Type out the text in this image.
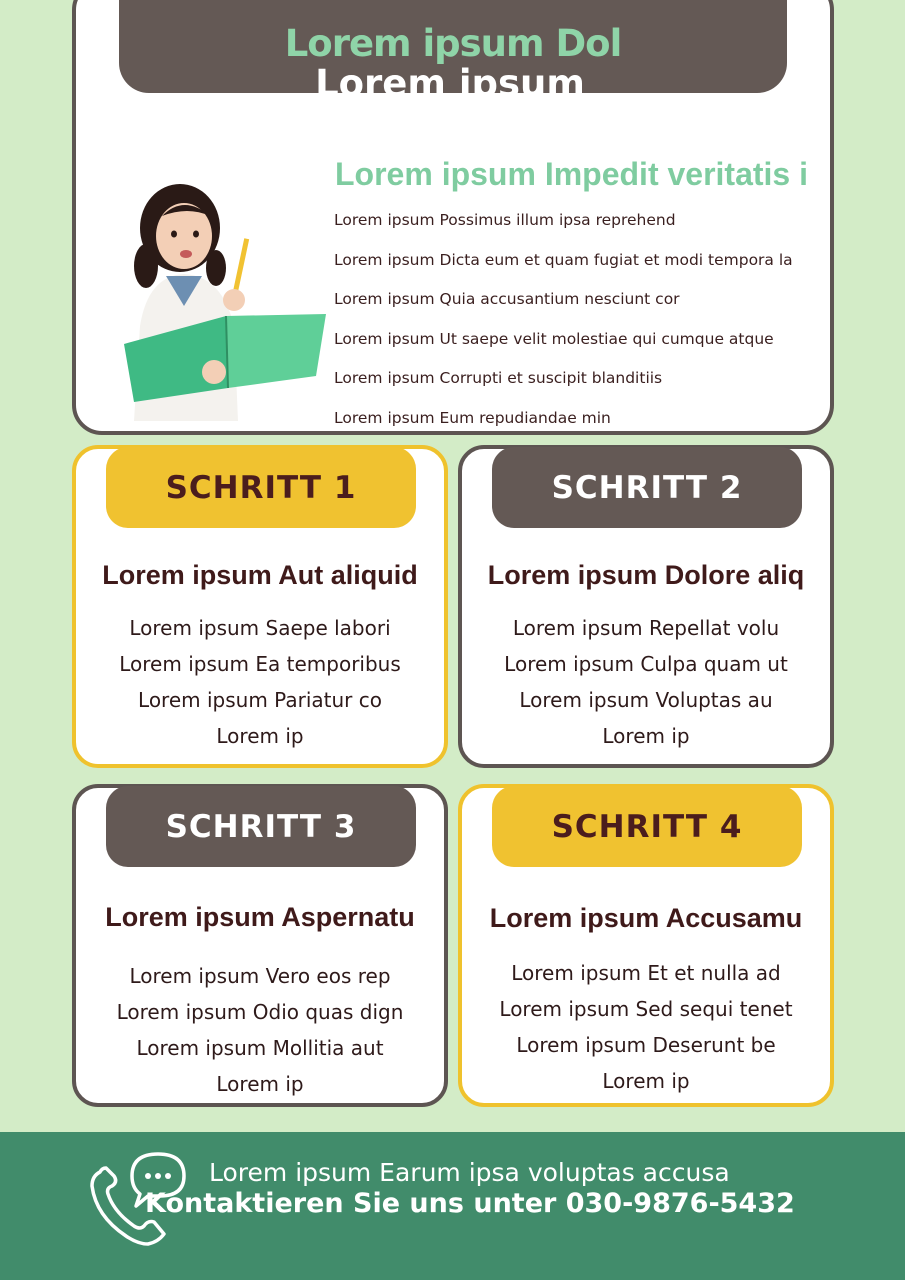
Lorem ipsum Dol
Lorem ipsum
Lorem ipsum Impedit veritatis i
Lorem ipsum Possimus illum ipsa reprehend
Lorem ipsum Dicta eum et quam fugiat et modi tempora la
Lorem ipsum Quia accusantium nesciunt cor
Lorem ipsum Ut saepe velit molestiae qui cumque atque
Lorem ipsum Corrupti et suscipit blanditiis
Lorem ipsum Eum repudiandae min
SCHRITT 1
Lorem ipsum Aut aliquid
Lorem ipsum Saepe labori
Lorem ipsum Ea temporibus
Lorem ipsum Pariatur co
Lorem ip
SCHRITT 2
Lorem ipsum Dolore aliq
Lorem ipsum Repellat volu
Lorem ipsum Culpa quam ut
Lorem ipsum Voluptas au
Lorem ip
SCHRITT 3
Lorem ipsum Aspernatu
Lorem ipsum Vero eos rep
Lorem ipsum Odio quas dign
Lorem ipsum Mollitia aut
Lorem ip
SCHRITT 4
Lorem ipsum Accusamu
Lorem ipsum Et et nulla ad
Lorem ipsum Sed sequi tenet
Lorem ipsum Deserunt be
Lorem ip
Lorem ipsum Earum ipsa voluptas accusa
Kontaktieren Sie uns unter 030-9876-5432
